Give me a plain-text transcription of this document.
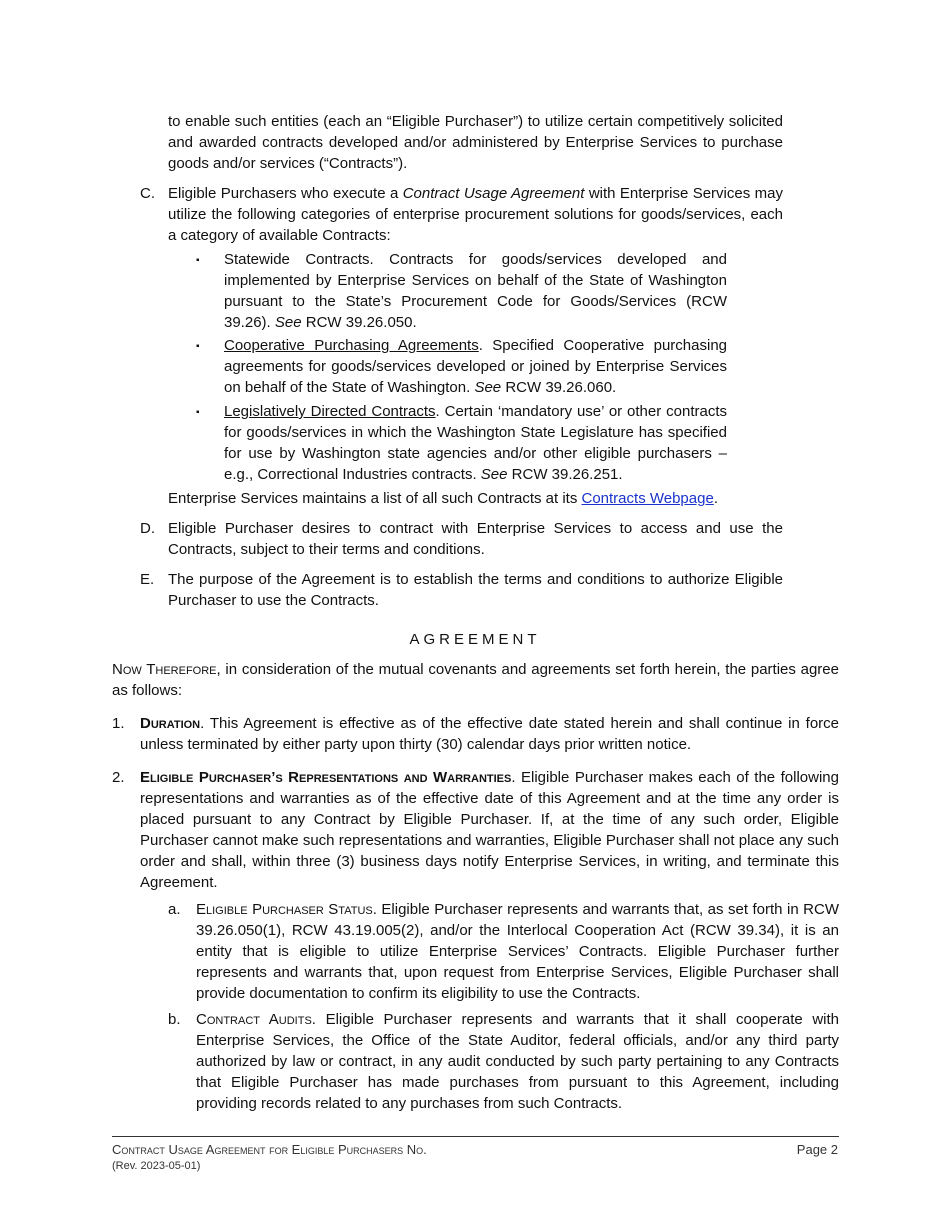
to enable such entities (each an “Eligible Purchaser”) to utilize certain competitively solicited and awarded contracts developed and/or administered by Enterprise Services to purchase goods and/or services (“Contracts”).

C. Eligible Purchasers who execute a Contract Usage Agreement with Enterprise Services may utilize the following categories of enterprise procurement solutions for goods/services, each a category of available Contracts:

▪	Statewide Contracts. Contracts for goods/services developed and implemented by Enterprise Services on behalf of the State of Washington pursuant to the State’s Procurement Code for Goods/Services (RCW 39.26). See RCW 39.26.050.

▪	Cooperative Purchasing Agreements. Specified Cooperative purchasing agreements for goods/services developed or joined by Enterprise Services on behalf of the State of Washington. See RCW 39.26.060.

▪	Legislatively Directed Contracts. Certain ‘mandatory use’ or other contracts for goods/services in which the Washington State Legislature has specified for use by Washington state agencies and/or other eligible purchasers – e.g., Correctional Industries contracts. See RCW 39.26.251.

Enterprise Services maintains a list of all such Contracts at its Contracts Webpage.

D. Eligible Purchaser desires to contract with Enterprise Services to access and use the Contracts, subject to their terms and conditions.

E. The purpose of the Agreement is to establish the terms and conditions to authorize Eligible Purchaser to use the Contracts.

AGREEMENT

Now Therefore, in consideration of the mutual covenants and agreements set forth herein, the parties agree as follows:

1.	Duration. This Agreement is effective as of the effective date stated herein and shall continue in force unless terminated by either party upon thirty (30) calendar days prior written notice.

2.	Eligible Purchaser’s Representations and Warranties. Eligible Purchaser makes each of the following representations and warranties as of the effective date of this Agreement and at the time any order is placed pursuant to any Contract by Eligible Purchaser. If, at the time of any such order, Eligible Purchaser cannot make such representations and warranties, Eligible Purchaser shall not place any such order and shall, within three (3) business days notify Enterprise Services, in writing, and terminate this Agreement.

a.	Eligible Purchaser Status. Eligible Purchaser represents and warrants that, as set forth in RCW 39.26.050(1), RCW 43.19.005(2), and/or the Interlocal Cooperation Act (RCW 39.34), it is an entity that is eligible to utilize Enterprise Services’ Contracts. Eligible Purchaser further represents and warrants that, upon request from Enterprise Services, Eligible Purchaser shall provide documentation to confirm its eligibility to use the Contracts.

b.	Contract Audits. Eligible Purchaser represents and warrants that it shall cooperate with Enterprise Services, the Office of the State Auditor, federal officials, and/or any third party authorized by law or contract, in any audit conducted by such party pertaining to any Contracts that Eligible Purchaser has made purchases from pursuant to this Agreement, including providing records related to any purchases from such Contracts.

Contract Usage Agreement for Eligible Purchasers No.
(Rev. 2023-05-01)
Page 2
